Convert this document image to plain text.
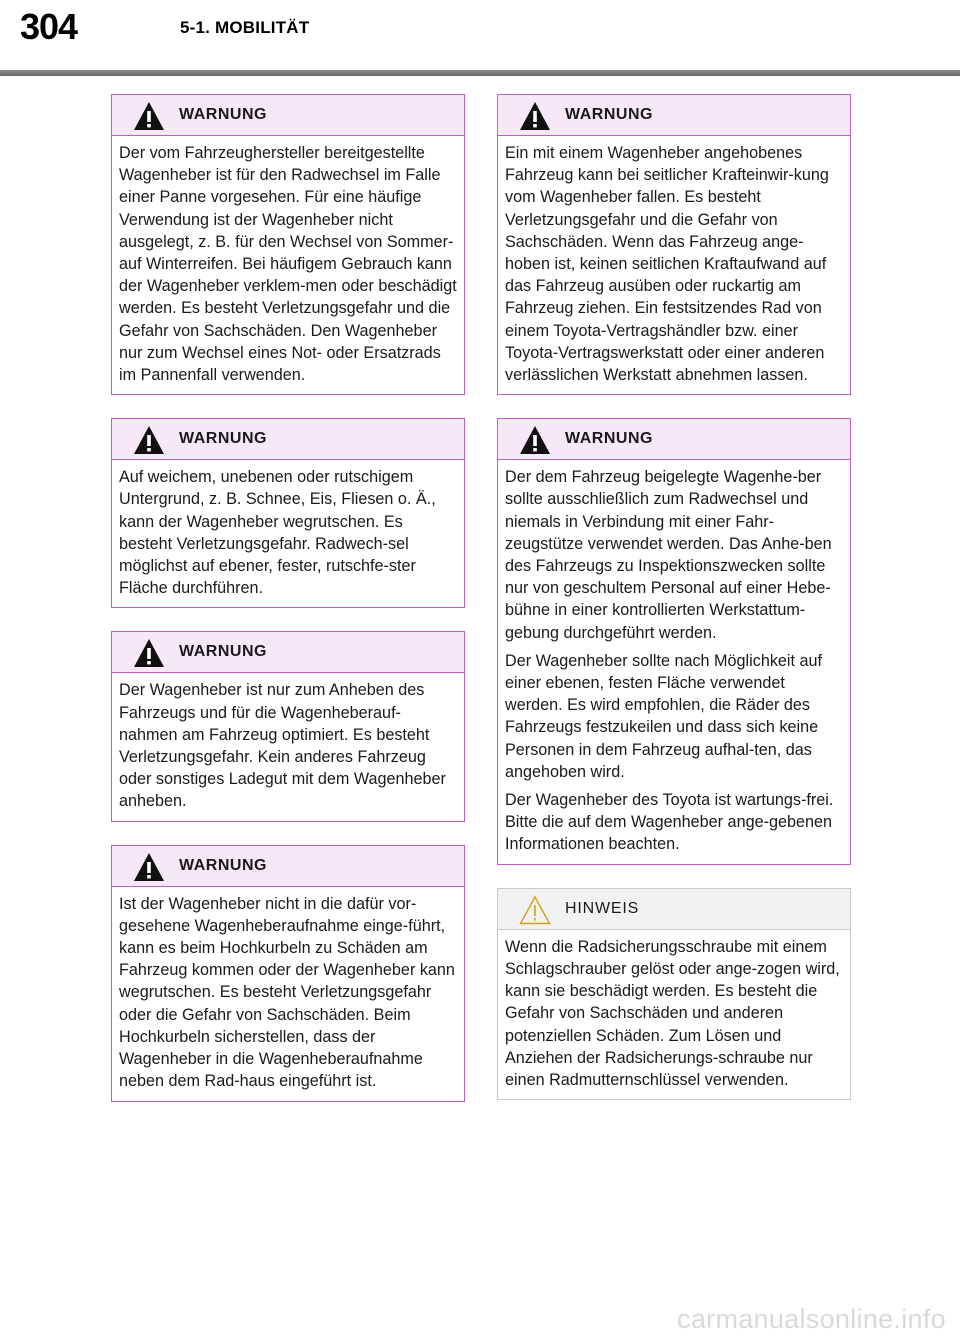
304	5-1. MOBILITÄT
WARNUNG

Der vom Fahrzeughersteller bereitgestellte Wagenheber ist für den Radwechsel im Falle einer Panne vorgesehen. Für eine häufige Verwendung ist der Wagenheber nicht ausgelegt, z. B. für den Wechsel von Sommer- auf Winterreifen. Bei häufigem Gebrauch kann der Wagenheber verklem-men oder beschädigt werden. Es besteht Verletzungsgefahr und die Gefahr von Sachschäden. Den Wagenheber nur zum Wechsel eines Not- oder Ersatzrads im Pannenfall verwenden.

WARNUNG

Auf weichem, unebenen oder rutschigem Untergrund, z. B. Schnee, Eis, Fliesen o. Ä., kann der Wagenheber wegrutschen. Es besteht Verletzungsgefahr. Radwech-sel möglichst auf ebener, fester, rutschfe-ster Fläche durchführen.

WARNUNG

Der Wagenheber ist nur zum Anheben des Fahrzeugs und für die Wagenheberauf-nahmen am Fahrzeug optimiert. Es besteht Verletzungsgefahr. Kein anderes Fahrzeug oder sonstiges Ladegut mit dem Wagenheber anheben.

WARNUNG

Ist der Wagenheber nicht in die dafür vor-gesehene Wagenheberaufnahme einge-führt, kann es beim Hochkurbeln zu Schäden am Fahrzeug kommen oder der Wagenheber kann wegrutschen. Es besteht Verletzungsgefahr oder die Gefahr von Sachschäden. Beim Hochkurbeln sicherstellen, dass der Wagenheber in die Wagenheberaufnahme neben dem Rad-haus eingeführt ist.

WARNUNG

Ein mit einem Wagenheber angehobenes Fahrzeug kann bei seitlicher Krafteinwir-kung vom Wagenheber fallen. Es besteht Verletzungsgefahr und die Gefahr von Sachschäden. Wenn das Fahrzeug ange-hoben ist, keinen seitlichen Kraftaufwand auf das Fahrzeug ausüben oder ruckartig am Fahrzeug ziehen. Ein festsitzendes Rad von einem Toyota-Vertragshändler bzw. einer Toyota-Vertragswerkstatt oder einer anderen verlässlichen Werkstatt abnehmen lassen.

WARNUNG

Der dem Fahrzeug beigelegte Wagenhe-ber sollte ausschließlich zum Radwechsel und niemals in Verbindung mit einer Fahr-zeugstütze verwendet werden. Das Anhe-ben des Fahrzeugs zu Inspektionszwecken sollte nur von geschultem Personal auf einer Hebe-bühne in einer kontrollierten Werkstattum-gebung durchgeführt werden.

Der Wagenheber sollte nach Möglichkeit auf einer ebenen, festen Fläche verwendet werden. Es wird empfohlen, die Räder des Fahrzeugs festzukeilen und dass sich keine Personen in dem Fahrzeug aufhal-ten, das angehoben wird.

Der Wagenheber des Toyota ist wartungs-frei. Bitte die auf dem Wagenheber ange-gebenen Informationen beachten.

HINWEIS

Wenn die Radsicherungsschraube mit einem Schlagschrauber gelöst oder ange-zogen wird, kann sie beschädigt werden. Es besteht die Gefahr von Sachschäden und anderen potenziellen Schäden. Zum Lösen und Anziehen der Radsicherungs-schraube nur einen Radmutternschlüssel verwenden.

carmanualsonline.info
